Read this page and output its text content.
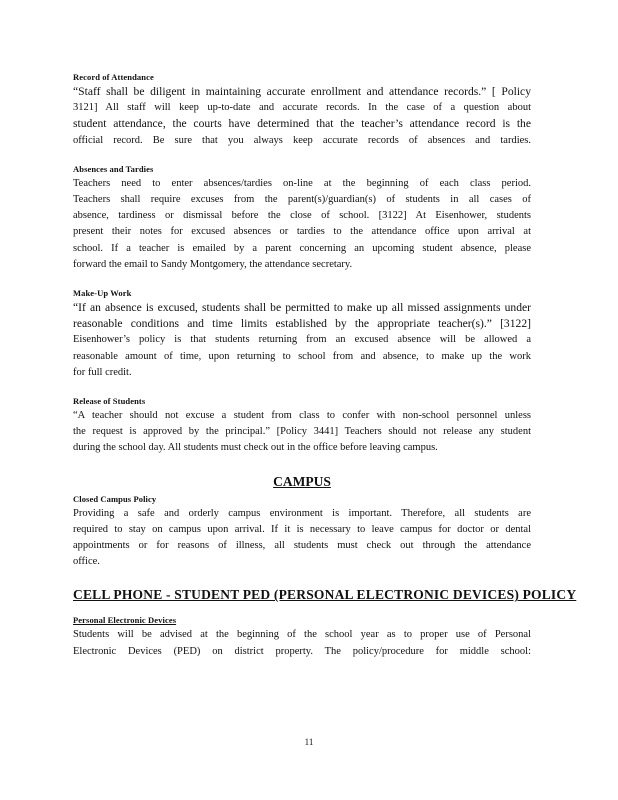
Record of Attendance
“Staff shall be diligent in maintaining accurate enrollment and attendance records.” [ Policy
3121] All staff will keep up-to-date and accurate records. In the case of a question about
student attendance, the courts have determined that the teacher’s attendance record is the
official record. Be sure that you always keep accurate records of absences and tardies.
Absences and Tardies
Teachers need to enter absences/tardies on-line at the beginning of each class period.
Teachers shall require excuses from the parent(s)/guardian(s) of students in all cases of
absence, tardiness or dismissal before the close of school. [3122] At Eisenhower, students
present their notes for excused absences or tardies to the attendance office upon arrival at
school. If a teacher is emailed by a parent concerning an upcoming student absence, please
forward the email to Sandy Montgomery, the attendance secretary.
Make-Up Work
“If an absence is excused, students shall be permitted to make up all missed assignments under
reasonable conditions and time limits established by the appropriate teacher(s).” [3122]
Eisenhower’s policy is that students returning from an excused absence will be allowed a
reasonable amount of time, upon returning to school from and absence, to make up the work
for full credit.
Release of Students
“A teacher should not excuse a student from class to confer with non-school personnel unless
the request is approved by the principal.” [Policy 3441] Teachers should not release any student
during the school day. All students must check out in the office before leaving campus.
CAMPUS
Closed Campus Policy
Providing a safe and orderly campus environment is important. Therefore, all students are
required to stay on campus upon arrival. If it is necessary to leave campus for doctor or dental
appointments or for reasons of illness, all students must check out through the attendance
office.
CELL PHONE - STUDENT PED (PERSONAL ELECTRONIC DEVICES) POLICY
Personal Electronic Devices
Students will be advised at the beginning of the school year as to proper use of Personal
Electronic Devices (PED) on district property. The policy/procedure for middle school:
11
